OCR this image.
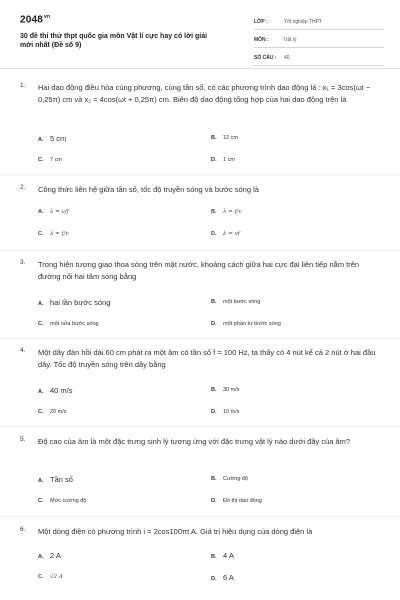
$2048^{vn}$
30 đề thi thử thpt quốc gia môn Vật lí cực hay có lời giải mới nhất (Đề số 9)
LỚP :	Tốt nghiệp THPT
MÔN :	Vật lý
SỐ CÂU : 40
1. Hai dao động điều hòa cùng phương, cùng tần số, có các phương trình dao động là : x₁ = 3cos(ωt − 0,25π) cm và x₂ = 4cos(ωt + 0,25π) cm. Biên độ dao động tổng hợp của hai dao động trên là
A. 5 cm	B. 12 cm
C. 7 cm	D. 1 cm
2. Công thức liên hệ giữa tần số, tốc độ truyền sóng và bước sóng là
A. λ = v/f	B. λ = f/v
C. λ = f/v	D. λ = vf
3. Trong hiện tượng giao thoa sóng trên mặt nước, khoảng cách giữa hai cực đại liên tiếp nằm trên đường nối hai tâm sóng bằng
A. hai lần bước sóng	B. một bước sóng
C. một nửa bước sóng	D. một phần tư bước sóng
4. Một dây đàn hồi dài 60 cm phát ra một âm có tần số f = 100 Hz, ta thấy có 4 nút kể cả 2 nút ở hai đầu dây. Tốc độ truyền sóng trên dây bằng
A. 40 m/s	B. 30 m/s
C. 20 m/s	D. 10 m/s
5. Độ cao của âm là một đặc trưng sinh lý tương ứng với đặc trưng vật lý nào dưới đây của âm?
A. Tần số	B. Cường độ
C. Mức cường độ	D. Đồ thị dao động
6. Một dòng điện có phương trình i = 2cos100πt A. Giá trị hiệu dụng của dòng điện là
A. 2 A	B. 4 A
C. √2 A	D. 6 A
